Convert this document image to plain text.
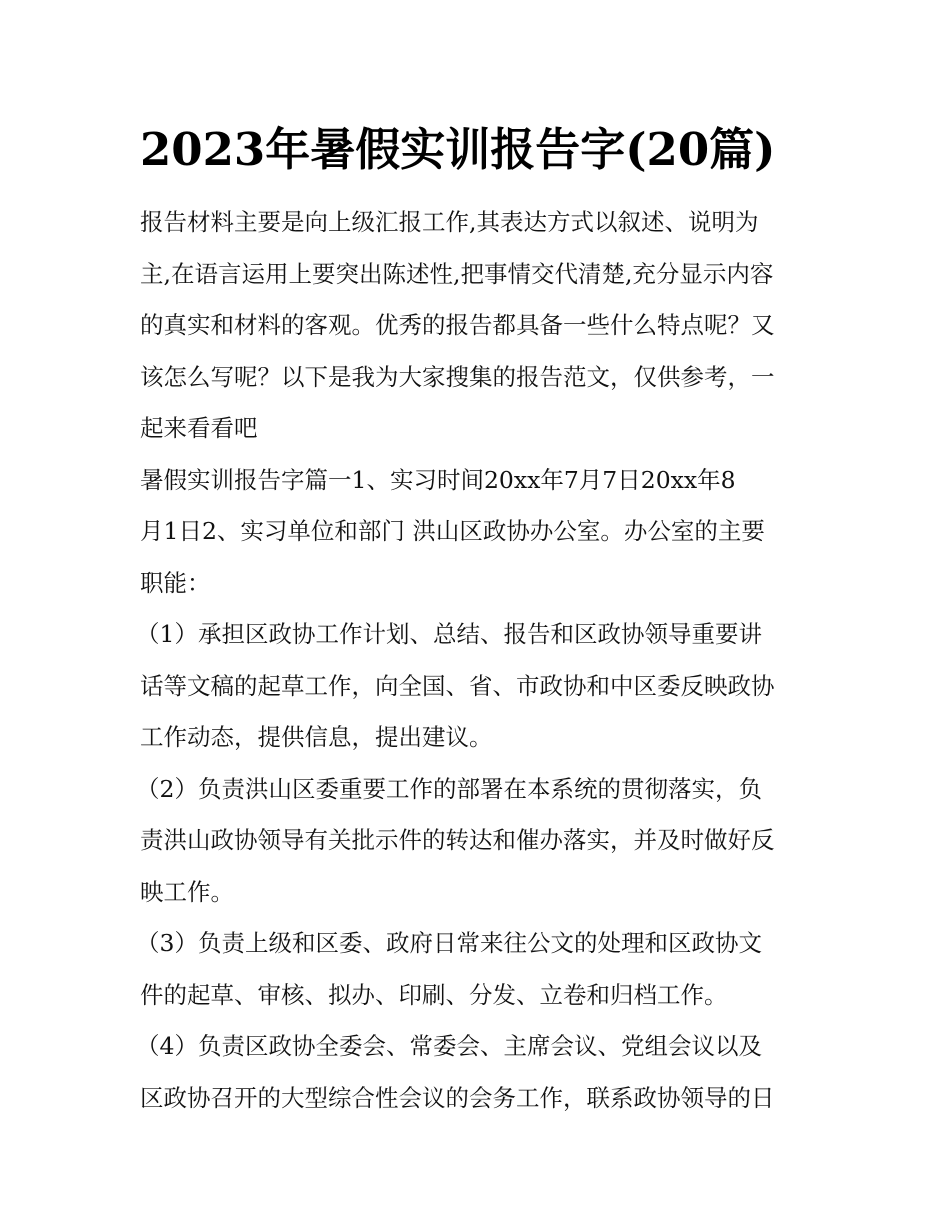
2023年暑假实训报告字(20篇)

报告材料主要是向上级汇报工作,其表达方式以叙述、说明为

主,在语言运用上要突出陈述性,把事情交代清楚,充分显示内容

的真实和材料的客观。优秀的报告都具备一些什么特点呢？又

该怎么写呢？以下是我为大家搜集的报告范文，仅供参考，一

起来看看吧

暑假实训报告字篇一1、实习时间20xx年7月7日20xx年8

月1日2、实习单位和部门 洪山区政协办公室。办公室的主要

职能：

（1）承担区政协工作计划、总结、报告和区政协领导重要讲

话等文稿的起草工作，向全国、省、市政协和中区委反映政协

工作动态，提供信息，提出建议。

（2）负责洪山区委重要工作的部署在本系统的贯彻落实，负

责洪山政协领导有关批示件的转达和催办落实，并及时做好反

映工作。

（3）负责上级和区委、政府日常来往公文的处理和区政协文

件的起草、审核、拟办、印刷、分发、立卷和归档工作。

（4）负责区政协全委会、常委会、主席会议、党组会议以及

区政协召开的大型综合性会议的会务工作，联系政协领导的日
